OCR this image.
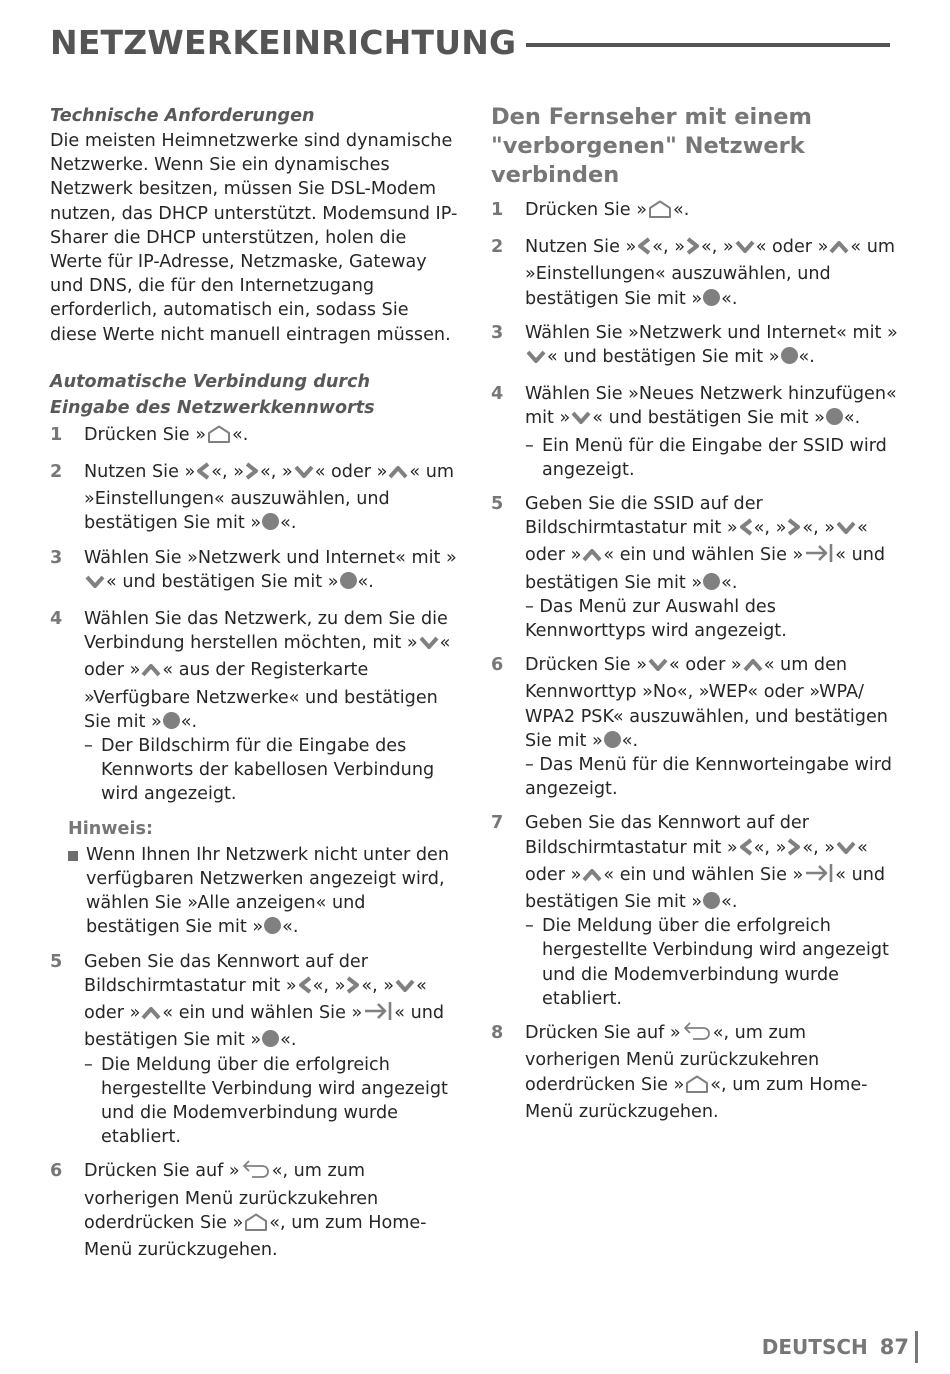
NETZWERKEINRICHTUNG
Technische Anforderungen

Die meisten Heimnetzwerke sind dynamische Netzwerke. Wenn Sie ein dynamisches Netzwerk besitzen, müssen Sie DSL-Modem nutzen, das DHCP unterstützt. Modemsund IP-Sharer die DHCP unterstützen, holen die Werte für IP-Adresse, Netzmaske, Gateway und DNS, die für den Internetzugang erforderlich, automatisch ein, sodass Sie diese Werte nicht manuell eintragen müssen.

Automatische Verbindung durch
Eingabe des Netzwerkkennworts
1	Drücken Sie » «.
2	Nutzen Sie » «, » «, » « oder » « um »Einstellungen« auszuwählen, und bestätigen Sie mit » «.
3	Wählen Sie »Netzwerk und Internet« mit »« und bestätigen Sie mit » «.
4	Wählen Sie das Netzwerk, zu dem Sie die Verbindung herstellen möchten, mit » « oder » « aus der Registerkarte »Verfügbare Netzwerke« und bestätigen Sie mit » «.
– Der Bildschirm für die Eingabe des Kennworts der kabellosen Verbindung wird angezeigt.
Hinweis:
Wenn Ihnen Ihr Netzwerk nicht unter den verfügbaren Netzwerken angezeigt wird, wählen Sie »Alle anzeigen« und bestätigen Sie mit » «.
5	Geben Sie das Kennwort auf der Bildschirmtastatur mit » «, » «, » « oder » « ein und wählen Sie » « und bestätigen Sie mit » «.
– Die Meldung über die erfolgreich hergestellte Verbindung wird angezeigt und die Modemverbindung wurde etabliert.
6	Drücken Sie auf » «, um zum vorherigen Menü zurückzukehren oderdrücken Sie » «, um zum Home-Menü zurückzugehen.
Den Fernseher mit einem "verborgenen" Netzwerk verbinden
1	Drücken Sie » «.
2	Nutzen Sie » «, » «, » « oder » « um »Einstellungen« auszuwählen, und bestätigen Sie mit » «.
3	Wählen Sie »Netzwerk und Internet« mit »« und bestätigen Sie mit » «.
4	Wählen Sie »Neues Netzwerk hinzufügen« mit » « und bestätigen Sie mit » «.
– Ein Menü für die Eingabe der SSID wird angezeigt.
5	Geben Sie die SSID auf der Bildschirmtastatur mit » «, » «, » « oder » « ein und wählen Sie » « und bestätigen Sie mit » «.
– Das Menü zur Auswahl des Kennworttyps wird angezeigt.
6	Drücken Sie » « oder » « um den Kennworttyp »No«, »WEP« oder »WPA/ WPA2 PSK« auszuwählen, und bestätigen Sie mit » «.
– Das Menü für die Kennworteingabe wird angezeigt.
7	Geben Sie das Kennwort auf der Bildschirmtastatur mit » «, » «, » « oder » « ein und wählen Sie » « und bestätigen Sie mit » «.
– Die Meldung über die erfolgreich hergestellte Verbindung wird angezeigt und die Modemverbindung wurde etabliert.
8	Drücken Sie auf » «, um zum vorherigen Menü zurückzukehren oderdrücken Sie » «, um zum Home-Menü zurückzugehen.
DEUTSCH 87
